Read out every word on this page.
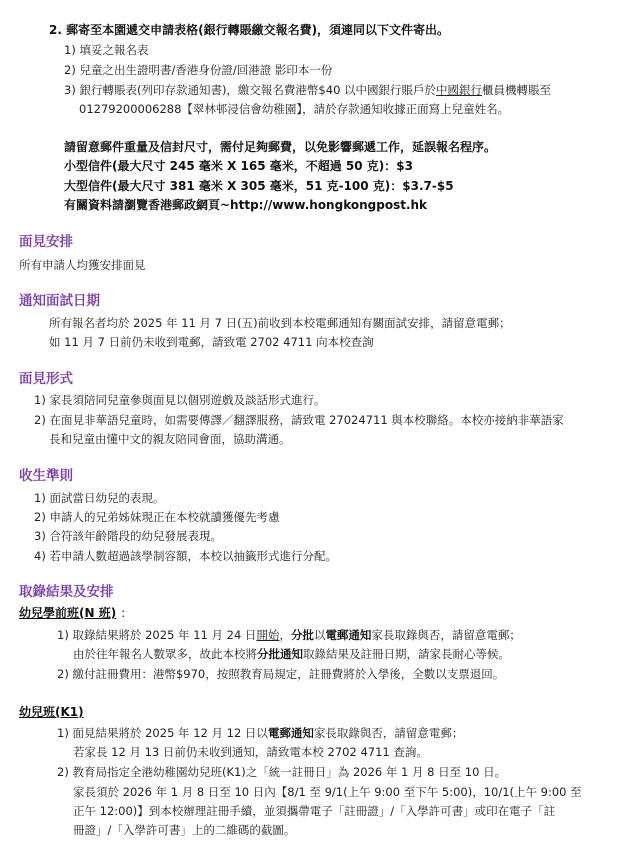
2. 郵寄至本園遞交申請表格(銀行轉賬繳交報名費)，須連同以下文件寄出。
1) 填妥之報名表
2) 兒童之出生證明書/香港身份證/回港證 影印本一份
3) 銀行轉賬表(列印存款通知書)，繳交報名費港幣$40 以中國銀行賬戶於中國銀行櫃員機轉賬至
01279200006288【翠林邨浸信會幼稚園】，請於存款通知收據正面寫上兒童姓名。
請留意郵件重量及信封尺寸，需付足夠郵費，以免影響郵遞工作，延誤報名程序。
小型信件(最大尺寸 245 毫米 X 165 毫米，不超過 50 克)：$3
大型信件(最大尺寸 381 毫米 X 305 毫米，51 克-100 克)：$3.7-$5
有關資料請瀏覽香港郵政網頁~http://www.hongkongpost.hk
面見安排
所有申請人均獲安排面見
通知面試日期
所有報名者均於 2025 年 11 月 7 日(五)前收到本校電郵通知有關面試安排，請留意電郵；
如 11 月 7 日前仍未收到電郵，請致電 2702 4711 向本校查詢
面見形式
1) 家長須陪同兒童參與面見以個別遊戲及談話形式進行。
2) 在面見非華語兒童時，如需要傳譯／翻譯服務，請致電 27024711 與本校聯絡。本校亦接納非華語家
長和兒童由懂中文的親友陪同會面，協助溝通。
收生準則
1) 面試當日幼兒的表現。
2) 申請人的兄弟姊妹現正在本校就讀獲優先考慮
3) 合符該年齡階段的幼兒發展表現。
4) 若申請人數超過該學制容額，本校以抽籤形式進行分配。
取錄結果及安排
幼兒學前班(N 班) ：
1) 取錄結果將於 2025 年 11 月 24 日開始，分批以電郵通知家長取錄與否，請留意電郵；
由於往年報名人數眾多，故此本校將分批通知取錄結果及註冊日期，請家長耐心等候。
2) 繳付註冊費用：港幣$970，按照教育局規定，註冊費將於入學後，全數以支票退回。
幼兒班(K1)
1) 面見結果將於 2025 年 12 月 12 日以電郵通知家長取錄與否，請留意電郵；
若家長 12 月 13 日前仍未收到通知，請致電本校 2702 4711 查詢。
2) 教育局指定全港幼稚園幼兒班(K1)之「統一註冊日」為 2026 年 1 月 8 日至 10 日。
家長須於 2026 年 1 月 8 日至 10 日內【8/1 至 9/1(上午 9:00 至下午 5:00)，10/1(上午 9:00 至
正午 12:00)】到本校辦理註冊手續，並須攜帶電子「註冊證」/「入學許可書」或印在電子「註
冊證」/「入學許可書」上的二維碼的截圖。
